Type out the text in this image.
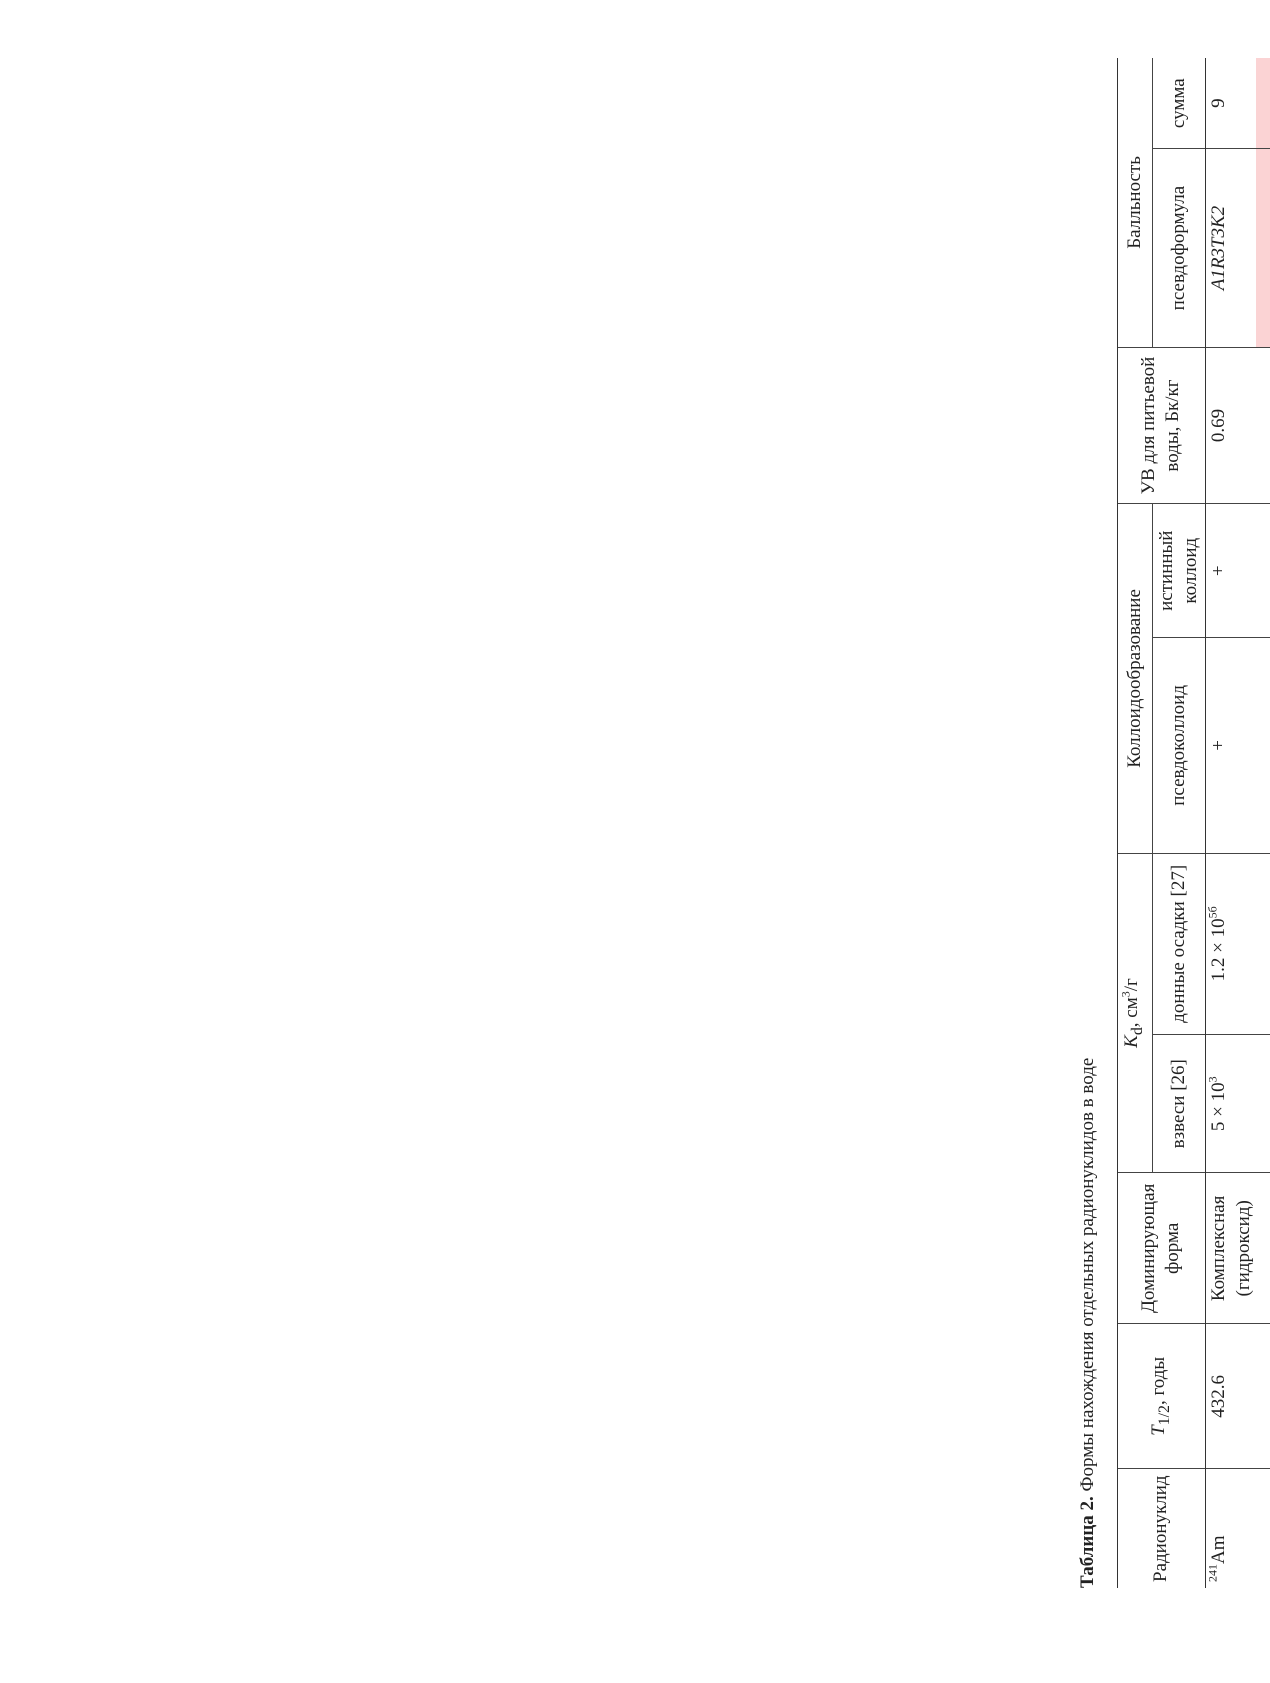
Таблица 2. Формы нахождения отдельных радионуклидов в воде
Радионуклид	$T_{1/2}$, годы	Доминирующая форма	$K_d$, $см^3/г$		Коллоидообразование		УВ для питьевой воды, Бк/кг	Балльность	
			взвеси [26]	донные осадки [27]	псевдоколлоид	истинный коллоид		псевдоформула	сумма
$^{241}$Am	432.6	Комплексная (гидроксид)	$5 \times 10^3$	$1.2 \times 10^{5б}$	+	+	0.69	A1R3T3K2	9
